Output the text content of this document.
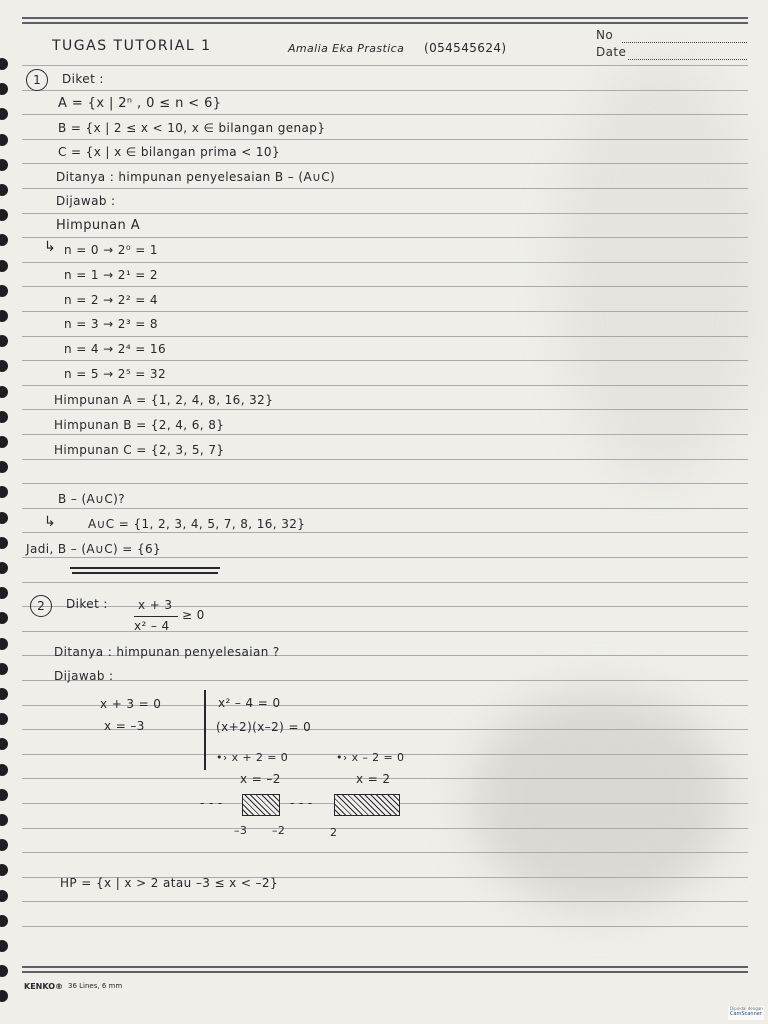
TUGAS TUTORIAL 1	Amalia Eka Prastica (054545624)
No
Date
1	Diket :
A = {x | 2ⁿ , 0 ≤ n < 6}
B = {x | 2 ≤ x < 10, x ∈ bilangan genap}
C = {x | x ∈ bilangan prima < 10}
Ditanya : himpunan penyelesaian B – (A∪C)
Dijawab :
Himpunan A
↳ n = 0 → 2⁰ = 1
n = 1 → 2¹ = 2
n = 2 → 2² = 4
n = 3 → 2³ = 8
n = 4 → 2⁴ = 16
n = 5 → 2⁵ = 32
Himpunan A = {1, 2, 4, 8, 16, 32}
Himpunan B = {2, 4, 6, 8}
Himpunan C = {2, 3, 5, 7}
B – (A∪C)?
↳	A∪C = {1, 2, 3, 4, 5, 7, 8, 16, 32}
Jadi, B – (A∪C) = {6}
2	Diket :	x + 3
x² – 4
≥ 0
Ditanya : himpunan penyelesaian ?
Dijawab :
x + 3 = 0
x = –3
x² – 4 = 0
(x+2)(x–2) = 0
•› x + 2 = 0	•› x – 2 = 0
x = –2	x = 2
- - -	- - -
–3 –2	2
HP = {x | x > 2 atau –3 ≤ x < –2}
KENKO® 36 Lines, 6 mm
Dipindai dengan
CamScanner
